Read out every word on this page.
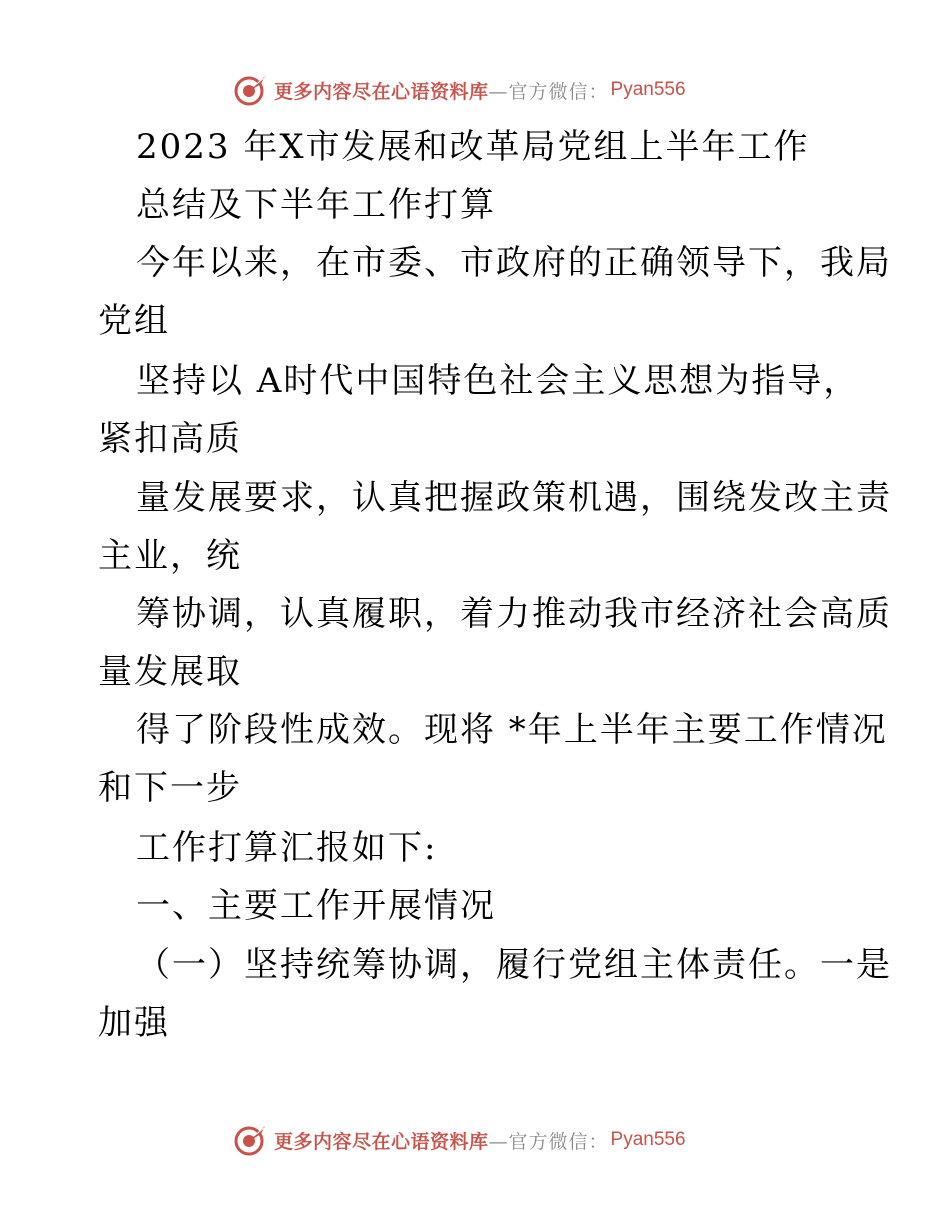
更多内容尽在心语资料库 —官方微信： Pyan556
2023 年X市发展和改革局党组上半年工作
总结及下半年工作打算
今年以来，在市委、市政府的正确领导下，我局
党组
坚持以 A时代中国特色社会主义思想为指导，
紧扣高质
量发展要求，认真把握政策机遇，围绕发改主责
主业，统
筹协调，认真履职，着力推动我市经济社会高质
量发展取
得了阶段性成效。现将 *年上半年主要工作情况
和下一步
工作打算汇报如下:
一、主要工作开展情况
（一）坚持统筹协调，履行党组主体责任。一是
加强
更多内容尽在心语资料库 —官方微信： Pyan556
